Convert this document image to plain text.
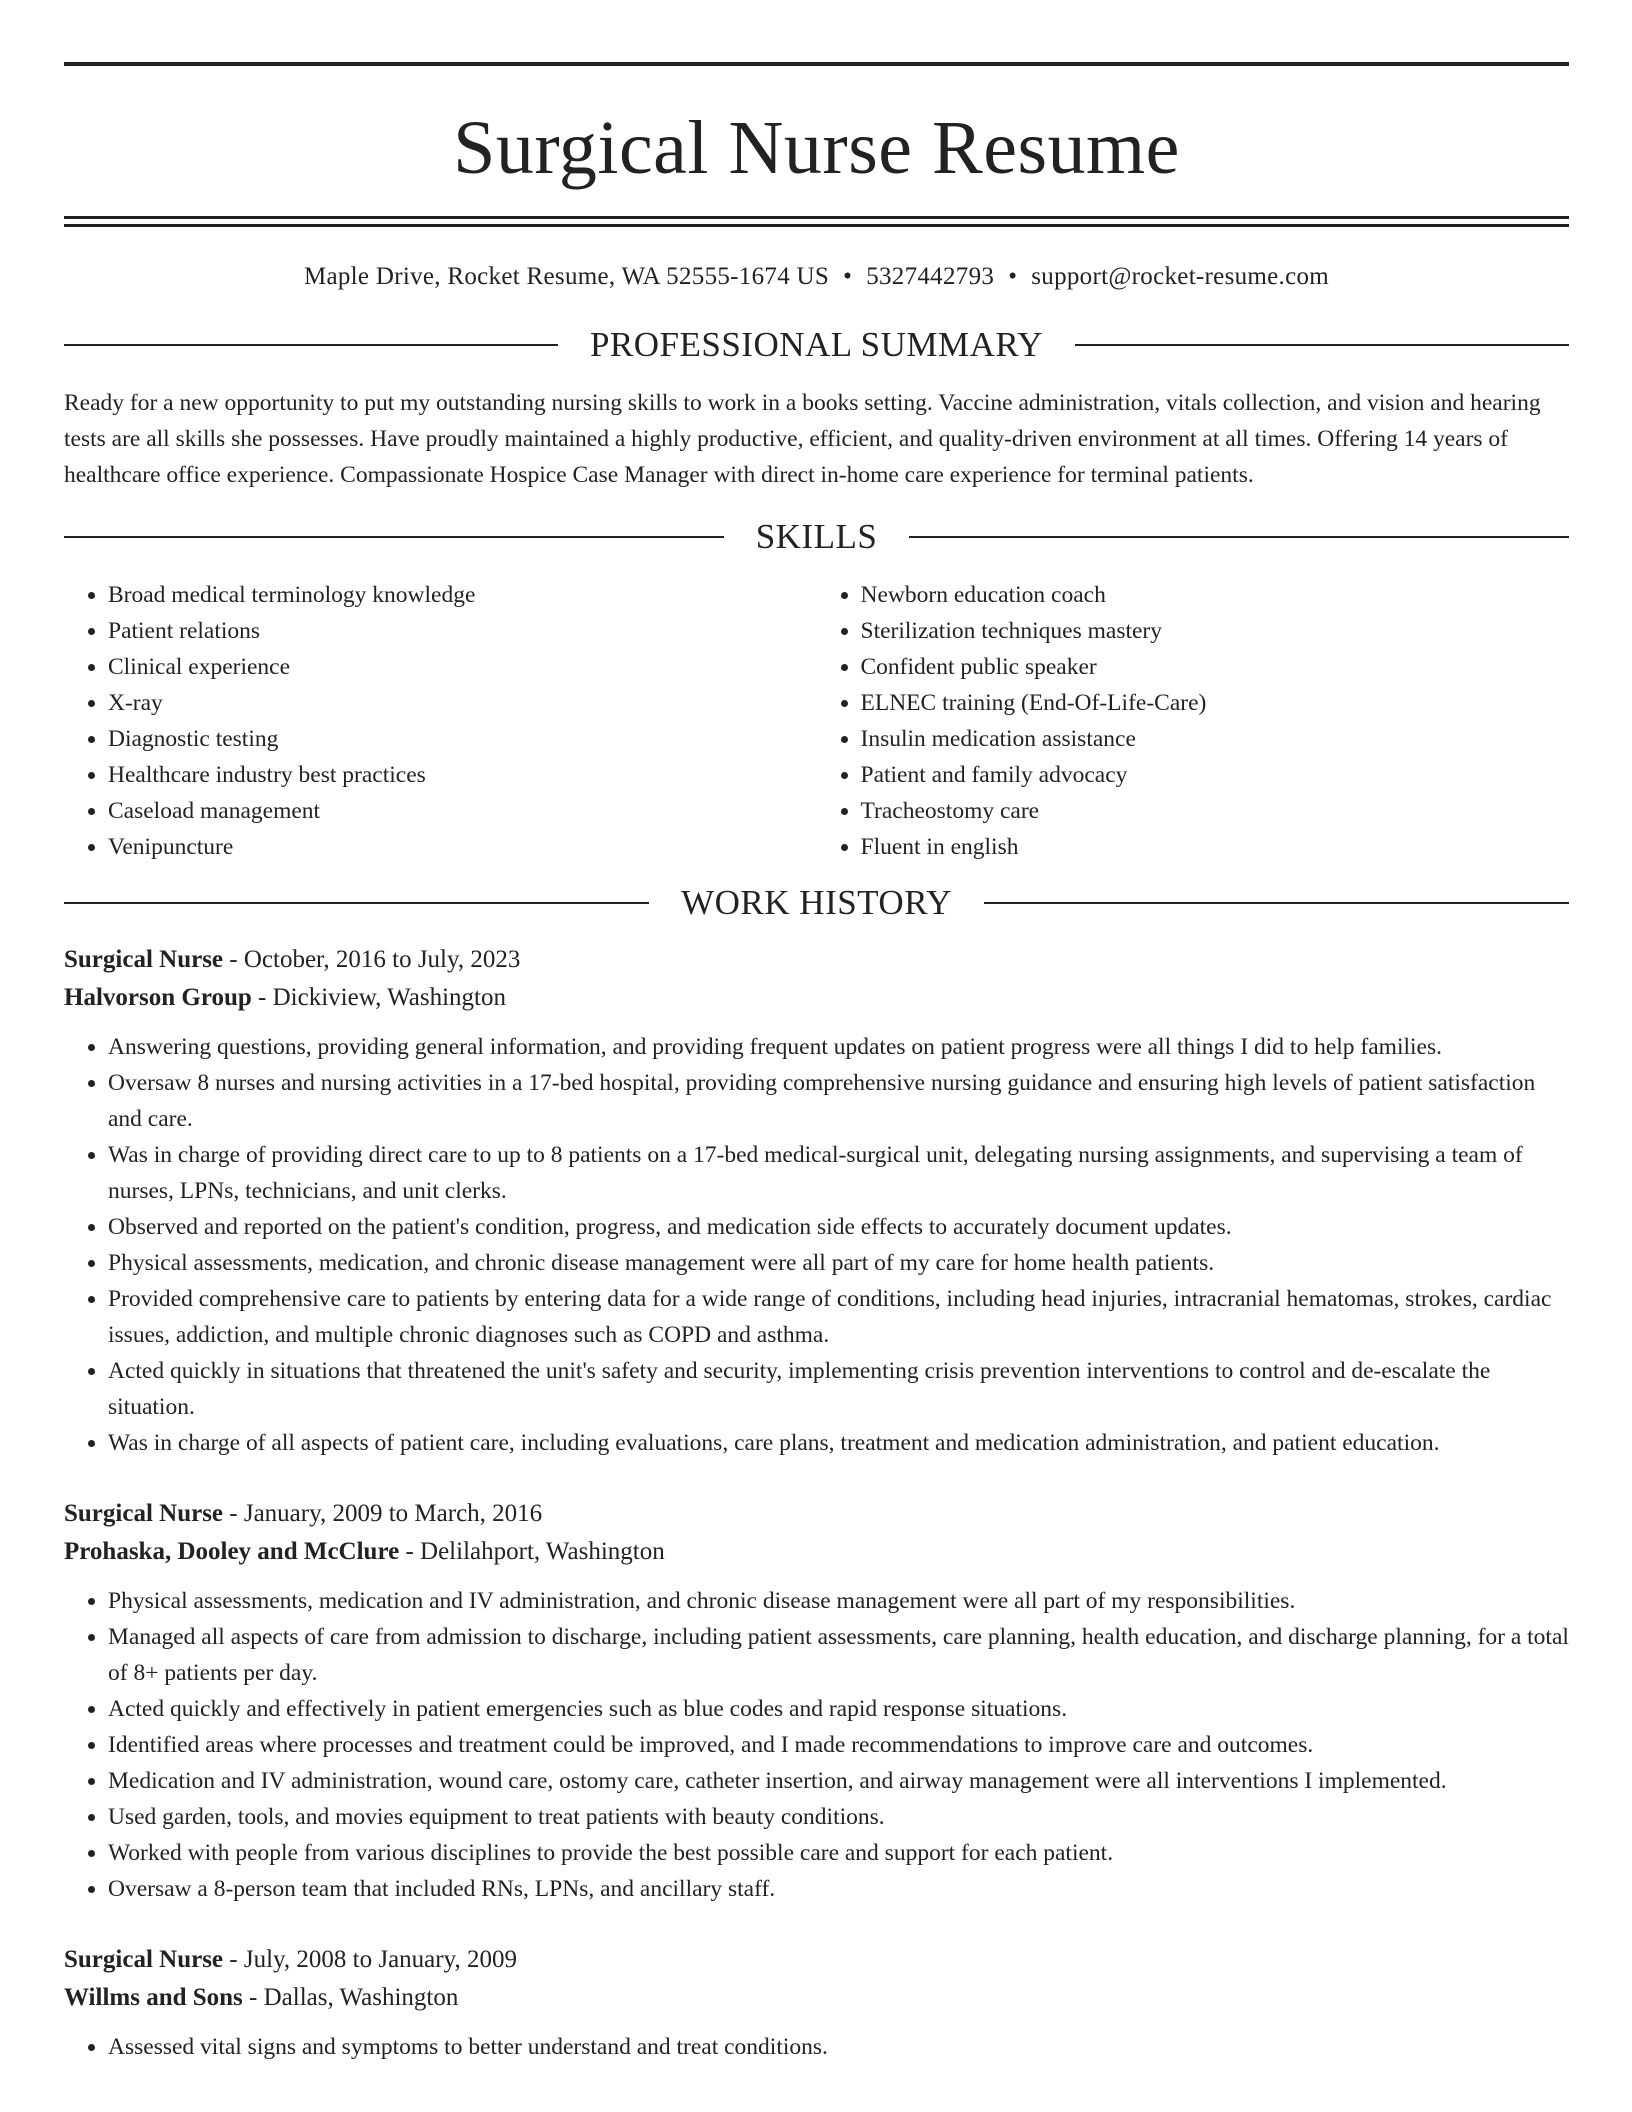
Surgical Nurse Resume
Maple Drive, Rocket Resume, WA 52555-1674 US • 5327442793 • support@rocket-resume.com
PROFESSIONAL SUMMARY

Ready for a new opportunity to put my outstanding nursing skills to work in a books setting. Vaccine administration, vitals collection, and vision and hearing tests are all skills she possesses. Have proudly maintained a highly productive, efficient, and quality-driven environment at all times. Offering 14 years of healthcare office experience. Compassionate Hospice Case Manager with direct in-home care experience for terminal patients.

SKILLS
• Broad medical terminology knowledge
• Patient relations
• Clinical experience
• X-ray
• Diagnostic testing
• Healthcare industry best practices
• Caseload management
• Venipuncture
• Newborn education coach
• Sterilization techniques mastery
• Confident public speaker
• ELNEC training (End-Of-Life-Care)
• Insulin medication assistance
• Patient and family advocacy
• Tracheostomy care
• Fluent in english
WORK HISTORY
Surgical Nurse - October, 2016 to July, 2023
Halvorson Group - Dickiview, Washington
• Answering questions, providing general information, and providing frequent updates on patient progress were all things I did to help families.
• Oversaw 8 nurses and nursing activities in a 17-bed hospital, providing comprehensive nursing guidance and ensuring high levels of patient satisfaction and care.
• Was in charge of providing direct care to up to 8 patients on a 17-bed medical-surgical unit, delegating nursing assignments, and supervising a team of nurses, LPNs, technicians, and unit clerks.
• Observed and reported on the patient's condition, progress, and medication side effects to accurately document updates.
• Physical assessments, medication, and chronic disease management were all part of my care for home health patients.
• Provided comprehensive care to patients by entering data for a wide range of conditions, including head injuries, intracranial hematomas, strokes, cardiac issues, addiction, and multiple chronic diagnoses such as COPD and asthma.
• Acted quickly in situations that threatened the unit's safety and security, implementing crisis prevention interventions to control and de-escalate the situation.
• Was in charge of all aspects of patient care, including evaluations, care plans, treatment and medication administration, and patient education.
Surgical Nurse - January, 2009 to March, 2016
Prohaska, Dooley and McClure - Delilahport, Washington
• Physical assessments, medication and IV administration, and chronic disease management were all part of my responsibilities.
• Managed all aspects of care from admission to discharge, including patient assessments, care planning, health education, and discharge planning, for a total of 8+ patients per day.
• Acted quickly and effectively in patient emergencies such as blue codes and rapid response situations.
• Identified areas where processes and treatment could be improved, and I made recommendations to improve care and outcomes.
• Medication and IV administration, wound care, ostomy care, catheter insertion, and airway management were all interventions I implemented.
• Used garden, tools, and movies equipment to treat patients with beauty conditions.
• Worked with people from various disciplines to provide the best possible care and support for each patient.
• Oversaw a 8-person team that included RNs, LPNs, and ancillary staff.
Surgical Nurse - July, 2008 to January, 2009
Willms and Sons - Dallas, Washington
• Assessed vital signs and symptoms to better understand and treat conditions.
